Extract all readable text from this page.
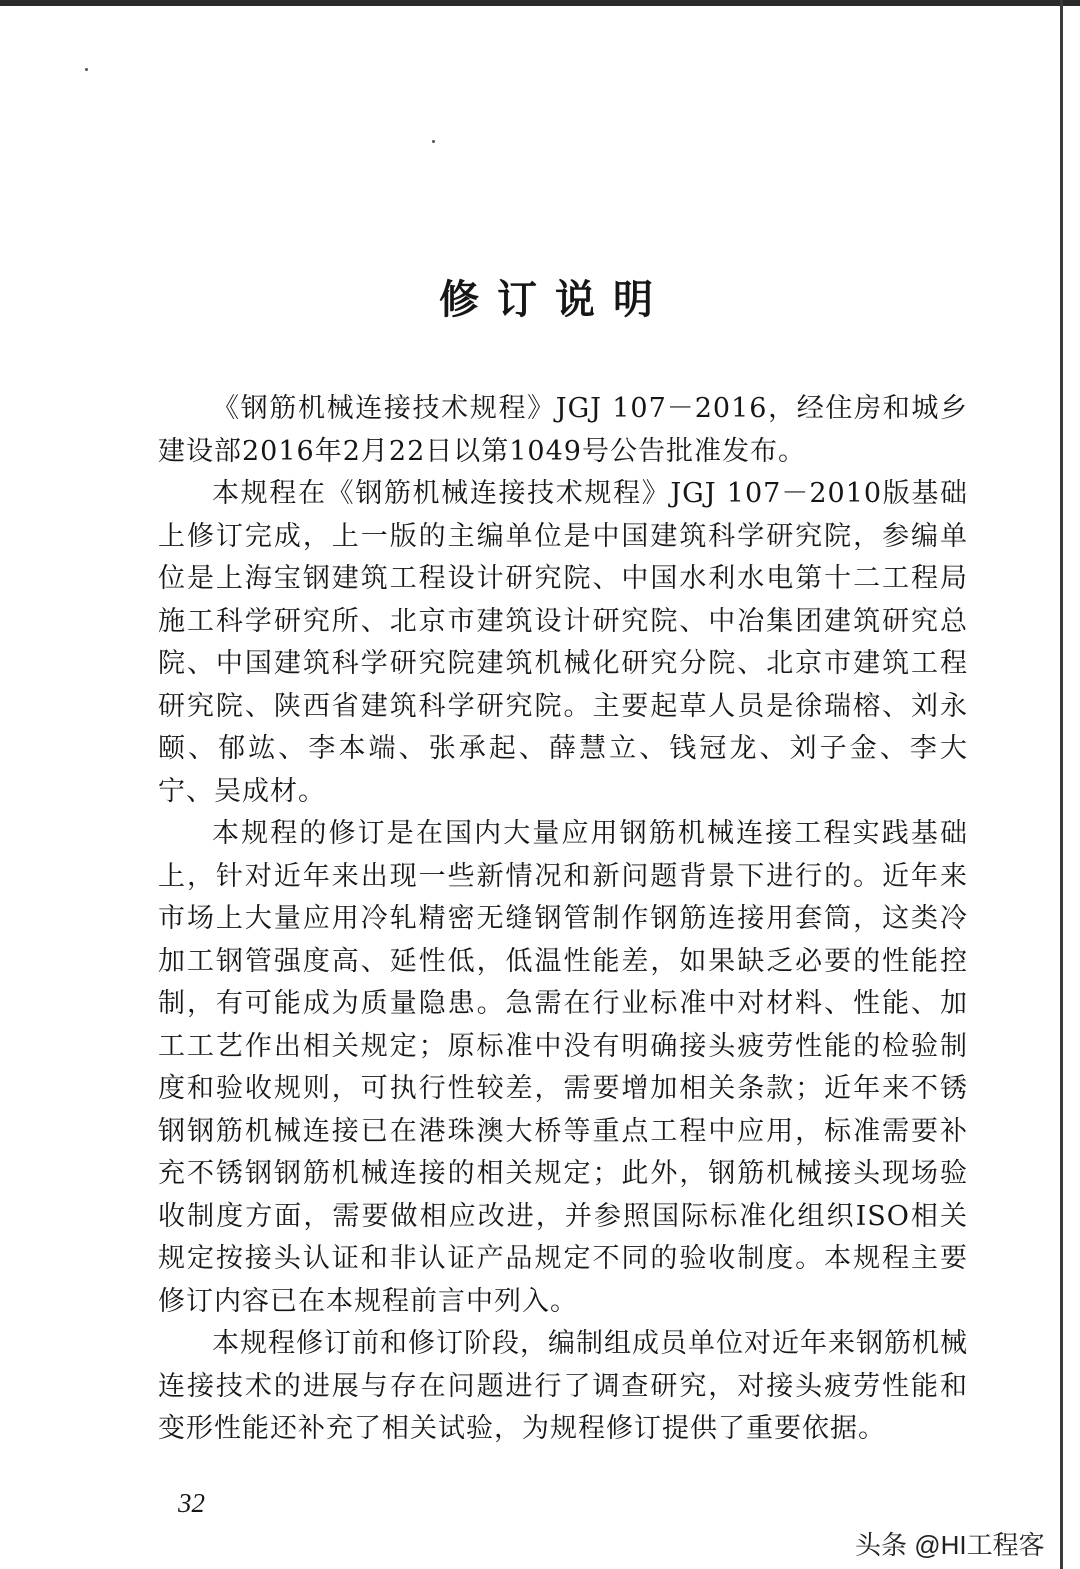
修订说明

《钢筋机械连接技术规程》JGJ 107－2016，经住房和城乡建设部2016年2月22日以第1049号公告批准发布。

本规程在《钢筋机械连接技术规程》JGJ 107－2010版基础上修订完成，上一版的主编单位是中国建筑科学研究院，参编单位是上海宝钢建筑工程设计研究院、中国水利水电第十二工程局施工科学研究所、北京市建筑设计研究院、中冶集团建筑研究总院、中国建筑科学研究院建筑机械化研究分院、北京市建筑工程研究院、陕西省建筑科学研究院。主要起草人员是徐瑞榕、刘永颐、郁竑、李本端、张承起、薛慧立、钱冠龙、刘子金、李大宁、吴成材。

本规程的修订是在国内大量应用钢筋机械连接工程实践基础上，针对近年来出现一些新情况和新问题背景下进行的。近年来市场上大量应用冷轧精密无缝钢管制作钢筋连接用套筒，这类冷加工钢管强度高、延性低，低温性能差，如果缺乏必要的性能控制，有可能成为质量隐患。急需在行业标准中对材料、性能、加工工艺作出相关规定；原标准中没有明确接头疲劳性能的检验制度和验收规则，可执行性较差，需要增加相关条款；近年来不锈钢钢筋机械连接已在港珠澳大桥等重点工程中应用，标准需要补充不锈钢钢筋机械连接的相关规定；此外，钢筋机械接头现场验收制度方面，需要做相应改进，并参照国际标准化组织ISO相关规定按接头认证和非认证产品规定不同的验收制度。本规程主要修订内容已在本规程前言中列入。

本规程修订前和修订阶段，编制组成员单位对近年来钢筋机械连接技术的进展与存在问题进行了调查研究，对接头疲劳性能和变形性能还补充了相关试验，为规程修订提供了重要依据。

32
头条 @HI工程客
